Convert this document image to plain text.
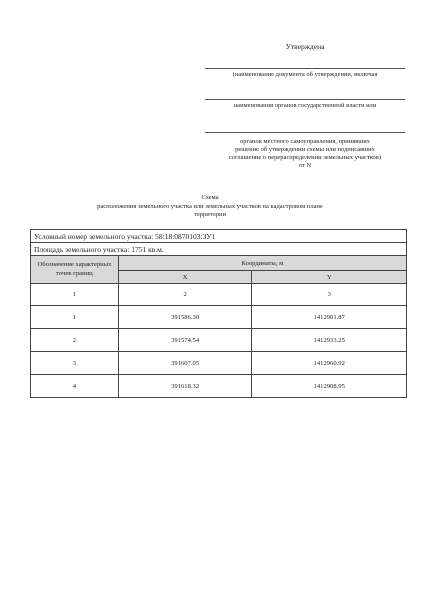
Утверждена
(наименование документа об утверждении, включая
наименования органов государственной власти или
органов местного самоуправления, принявших
решение об утверждении схемы или подписавших
соглашение о перераспределении земельных участков)
от N
Схема
расположения земельного участка или земельных участков на кадастровом плане
территории
Условный номер земельного участка: 58:18:0870103:ЗУ1		
Площадь земельного участка: 1751 кв.м.		
Обозначение характерных точек границ	Координаты, м	
	X	Y
1	2	3
1	391586.30	1412901.87
2	391574.54	1412933.25
3	391607.05	1412960.92
4	391618.32	1412908.95
